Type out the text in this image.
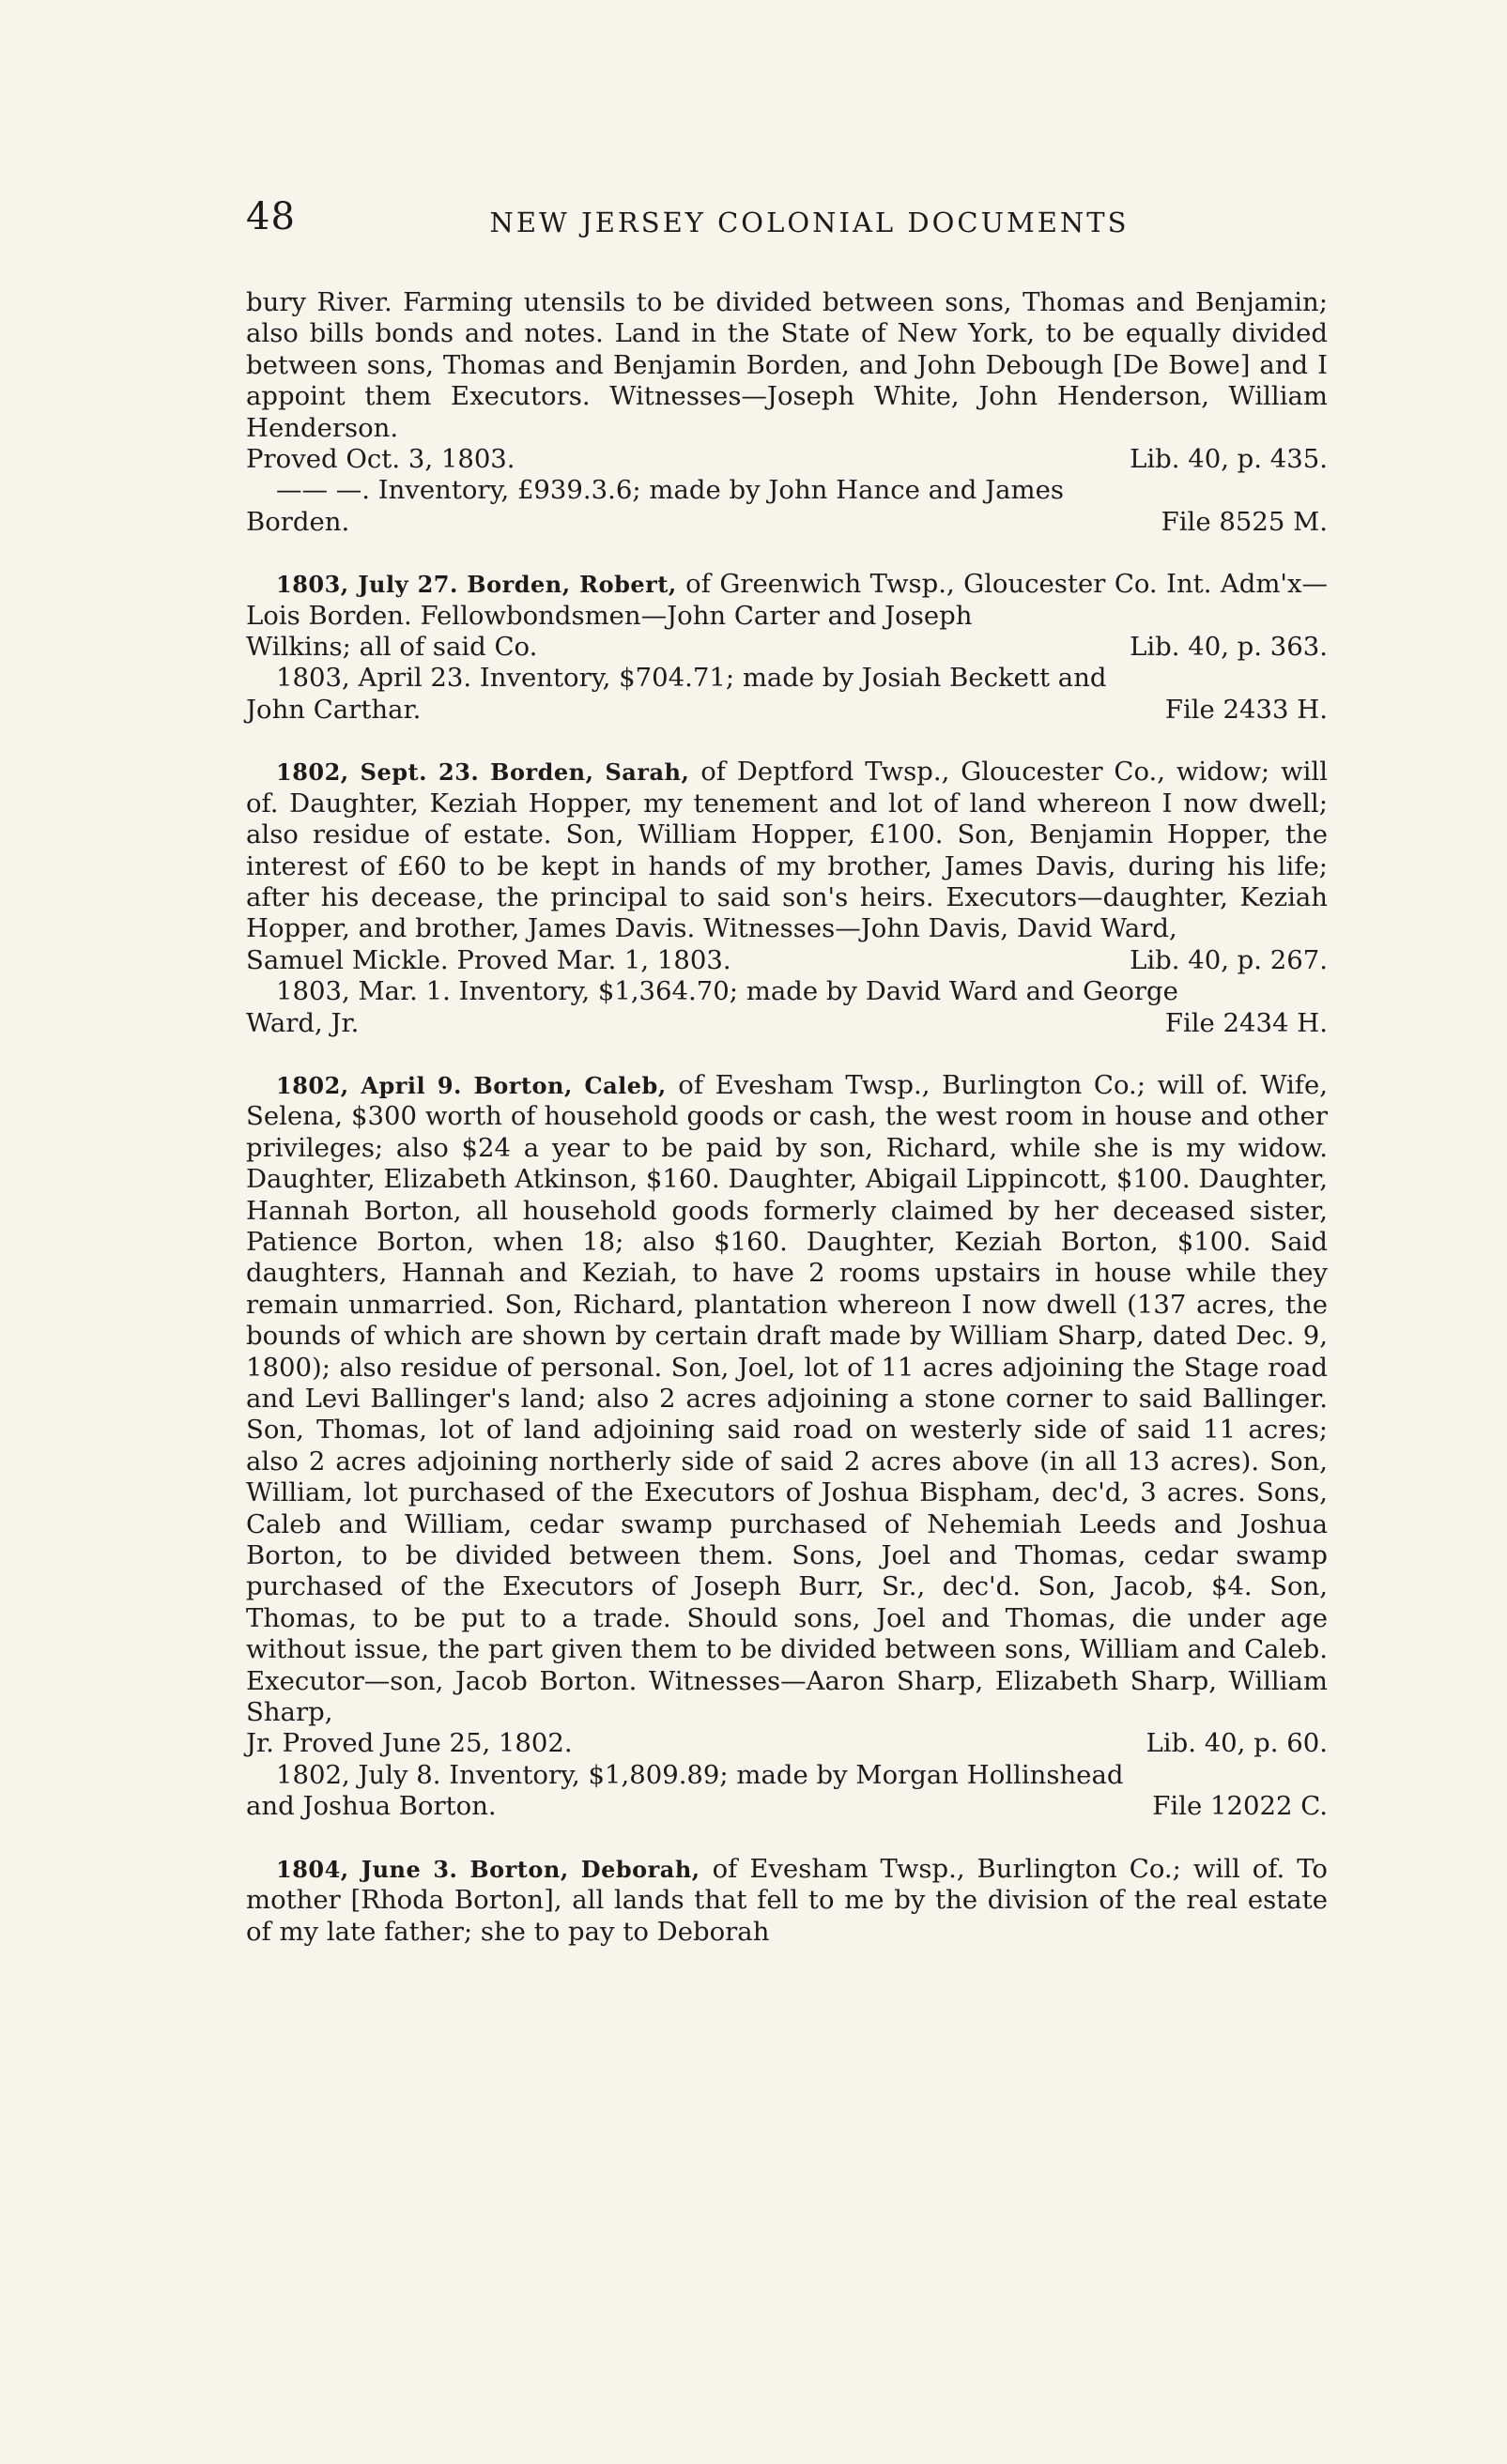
48	NEW JERSEY COLONIAL DOCUMENTS

bury River. Farming utensils to be divided between sons, Thomas and Benjamin; also bills bonds and notes. Land in the State of New York, to be equally divided between sons, Thomas and Benjamin Borden, and John Debough [De Bowe] and I appoint them Executors. Witnesses—Joseph White, John Henderson, William Henderson.

Proved Oct. 3, 1803.	Lib. 40, p. 435.

—— —. Inventory, £939.3.6; made by John Hance and James

Borden.	File 8525 M.

1803, July 27. Borden, Robert, of Greenwich Twsp., Gloucester Co. Int. Adm'x—Lois Borden. Fellowbondsmen—John Carter and Joseph

Wilkins; all of said Co.	Lib. 40, p. 363.

1803, April 23. Inventory, $704.71; made by Josiah Beckett and

John Carthar.	File 2433 H.

1802, Sept. 23. Borden, Sarah, of Deptford Twsp., Gloucester Co., widow; will of. Daughter, Keziah Hopper, my tenement and lot of land whereon I now dwell; also residue of estate. Son, William Hopper, £100. Son, Benjamin Hopper, the interest of £60 to be kept in hands of my brother, James Davis, during his life; after his decease, the principal to said son's heirs. Executors—daughter, Keziah Hopper, and brother, James Davis. Witnesses—John Davis, David Ward,

Samuel Mickle. Proved Mar. 1, 1803.	Lib. 40, p. 267.

1803, Mar. 1. Inventory, $1,364.70; made by David Ward and George

Ward, Jr.	File 2434 H.

1802, April 9. Borton, Caleb, of Evesham Twsp., Burlington Co.; will of. Wife, Selena, $300 worth of household goods or cash, the west room in house and other privileges; also $24 a year to be paid by son, Richard, while she is my widow. Daughter, Elizabeth Atkinson, $160. Daughter, Abigail Lippincott, $100. Daughter, Hannah Borton, all household goods formerly claimed by her deceased sister, Patience Borton, when 18; also $160. Daughter, Keziah Borton, $100. Said daughters, Hannah and Keziah, to have 2 rooms upstairs in house while they remain unmarried. Son, Richard, plantation whereon I now dwell (137 acres, the bounds of which are shown by certain draft made by William Sharp, dated Dec. 9, 1800); also residue of personal. Son, Joel, lot of 11 acres adjoining the Stage road and Levi Ballinger's land; also 2 acres adjoining a stone corner to said Ballinger. Son, Thomas, lot of land adjoining said road on westerly side of said 11 acres; also 2 acres adjoining northerly side of said 2 acres above (in all 13 acres). Son, William, lot purchased of the Executors of Joshua Bispham, dec'd, 3 acres. Sons, Caleb and William, cedar swamp purchased of Nehemiah Leeds and Joshua Borton, to be divided between them. Sons, Joel and Thomas, cedar swamp purchased of the Executors of Joseph Burr, Sr., dec'd. Son, Jacob, $4. Son, Thomas, to be put to a trade. Should sons, Joel and Thomas, die under age without issue, the part given them to be divided between sons, William and Caleb. Executor—son, Jacob Borton. Witnesses—Aaron Sharp, Elizabeth Sharp, William Sharp,

Jr. Proved June 25, 1802.	Lib. 40, p. 60.

1802, July 8. Inventory, $1,809.89; made by Morgan Hollinshead

and Joshua Borton.	File 12022 C.

1804, June 3. Borton, Deborah, of Evesham Twsp., Burlington Co.; will of. To mother [Rhoda Borton], all lands that fell to me by the division of the real estate of my late father; she to pay to Deborah
